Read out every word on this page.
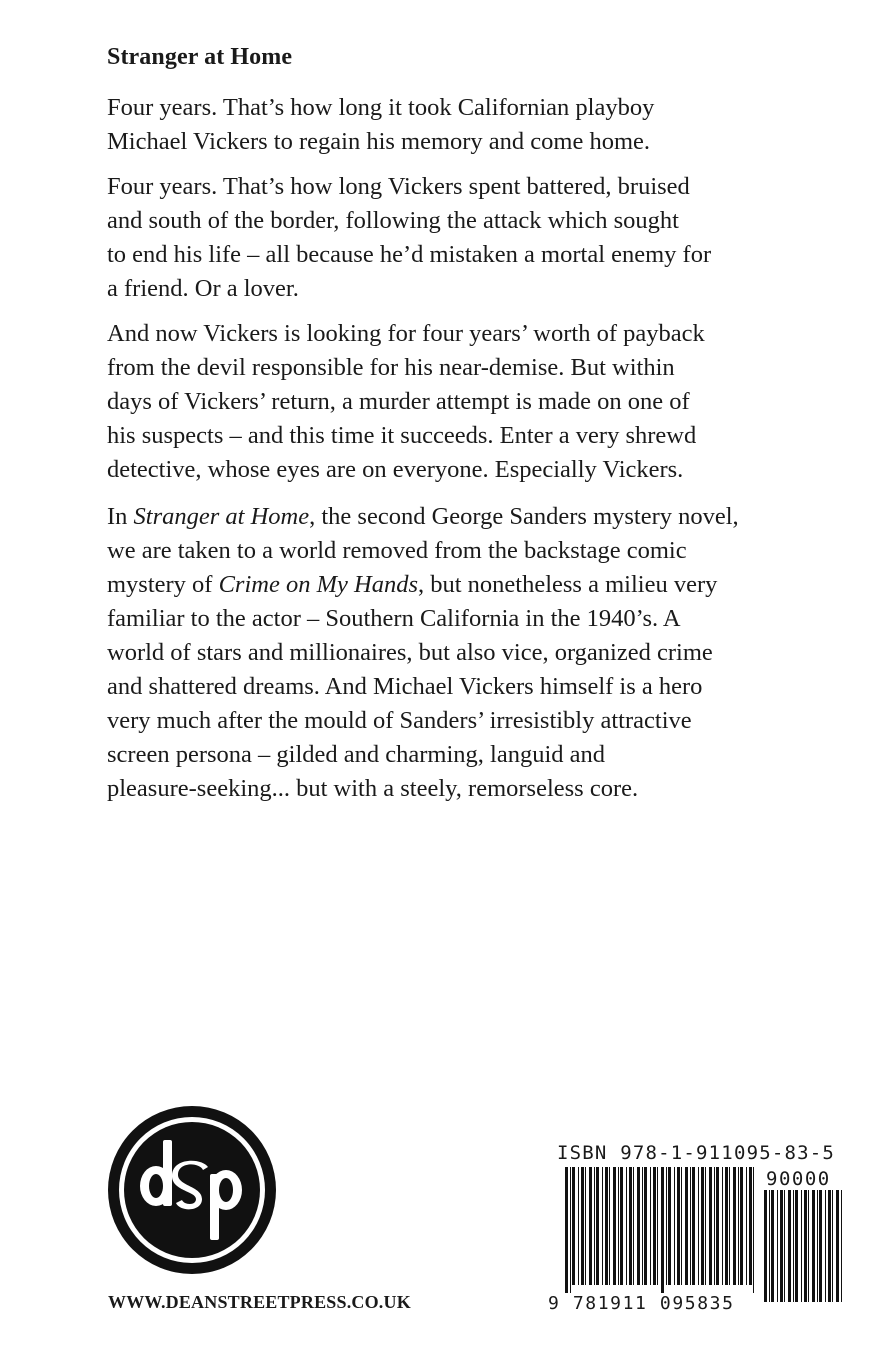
Stranger at Home

Four years. That’s how long it took Californian playboy
Michael Vickers to regain his memory and come home.

Four years. That’s how long Vickers spent battered, bruised
and south of the border, following the attack which sought
to end his life – all because he’d mistaken a mortal enemy for
a friend. Or a lover.

And now Vickers is looking for four years’ worth of payback
from the devil responsible for his near-demise. But within
days of Vickers’ return, a murder attempt is made on one of
his suspects – and this time it succeeds. Enter a very shrewd
detective, whose eyes are on everyone. Especially Vickers.

In Stranger at Home, the second George Sanders mystery novel,
we are taken to a world removed from the backstage comic
mystery of Crime on My Hands, but nonetheless a milieu very
familiar to the actor – Southern California in the 1940’s. A
world of stars and millionaires, but also vice, organized crime
and shattered dreams. And Michael Vickers himself is a hero
very much after the mould of Sanders’ irresistibly attractive
screen persona – gilded and charming, languid and
pleasure-seeking... but with a steely, remorseless core.

WWW.DEANSTREETPRESS.CO.UK
ISBN 978-1-911095-83-5
90000
9 781911 095835
